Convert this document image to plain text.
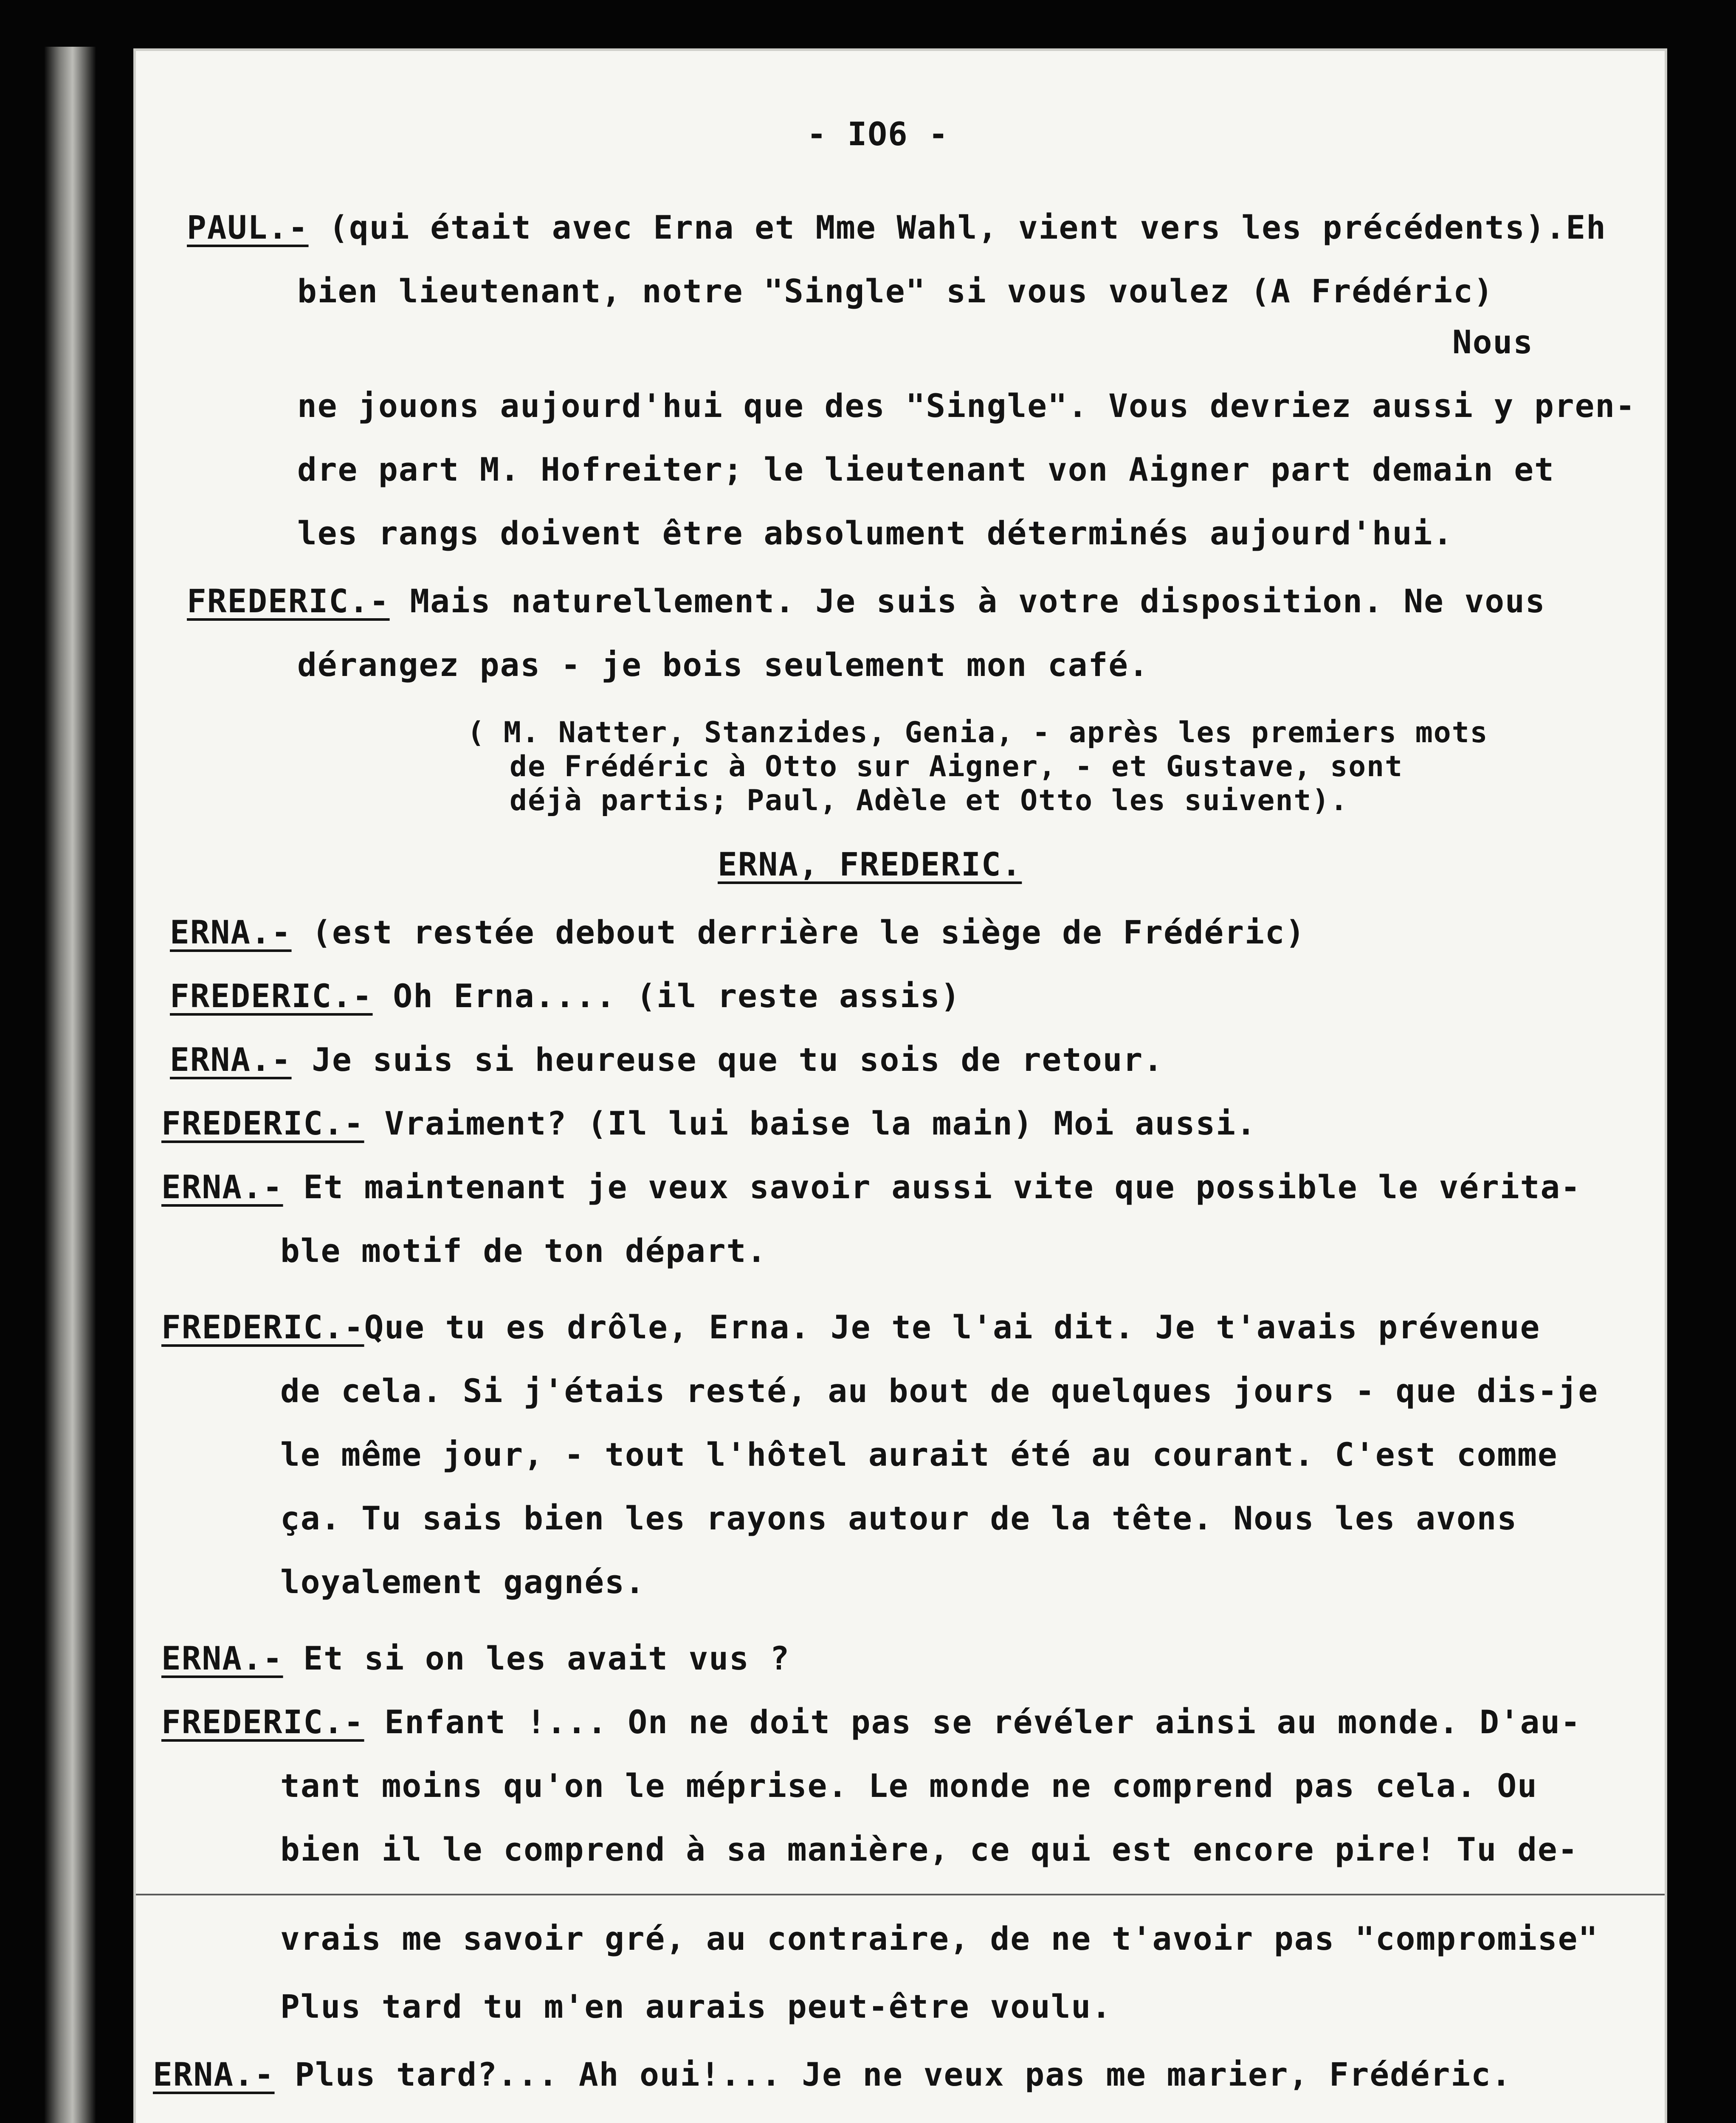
- IO6 -
PAUL.- (qui était avec Erna et Mme Wahl, vient vers les précédents).Eh
bien lieutenant, notre "Single" si vous voulez (A Frédéric)
Nous
ne jouons aujourd'hui que des "Single". Vous devriez aussi y pren-
dre part M. Hofreiter; le lieutenant von Aigner part demain et
les rangs doivent être absolument déterminés aujourd'hui.
FREDERIC.- Mais naturellement. Je suis à votre disposition. Ne vous
dérangez pas - je bois seulement mon café.
( M. Natter, Stanzides, Genia, - après les premiers mots
de Frédéric à Otto sur Aigner, - et Gustave, sont
déjà partis; Paul, Adèle et Otto les suivent).
ERNA, FREDERIC.
ERNA.- (est restée debout derrière le siège de Frédéric)
FREDERIC.- Oh Erna.... (il reste assis)
ERNA.- Je suis si heureuse que tu sois de retour.
FREDERIC.- Vraiment? (Il lui baise la main) Moi aussi.
ERNA.- Et maintenant je veux savoir aussi vite que possible le vérita-
ble motif de ton départ.
FREDERIC.-Que tu es drôle, Erna. Je te l'ai dit. Je t'avais prévenue
de cela. Si j'étais resté, au bout de quelques jours - que dis-je
le même jour, - tout l'hôtel aurait été au courant. C'est comme
ça. Tu sais bien les rayons autour de la tête. Nous les avons
loyalement gagnés.
ERNA.- Et si on les avait vus ?
FREDERIC.- Enfant !... On ne doit pas se révéler ainsi au monde. D'au-
tant moins qu'on le méprise. Le monde ne comprend pas cela. Ou
bien il le comprend à sa manière, ce qui est encore pire! Tu de-
vrais me savoir gré, au contraire, de ne t'avoir pas "compromise"
Plus tard tu m'en aurais peut-être voulu.
ERNA.- Plus tard?... Ah oui!... Je ne veux pas me marier, Frédéric.
